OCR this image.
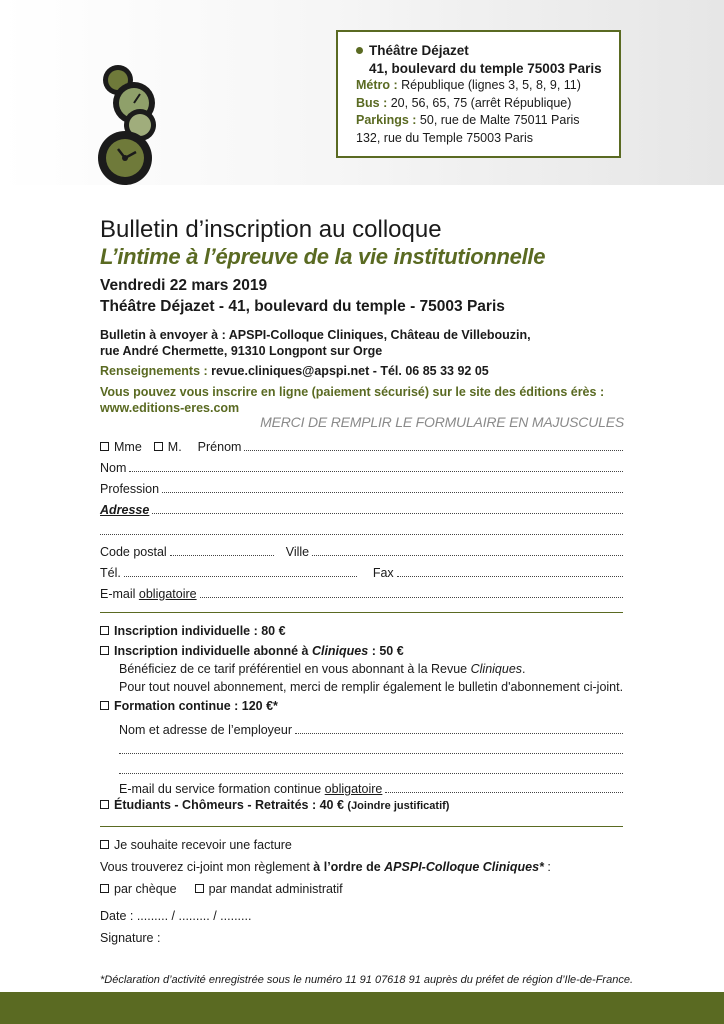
Théâtre Déjazet
41, boulevard du temple 75003 Paris
Métro : République (lignes 3, 5, 8, 9, 11)
Bus : 20, 56, 65, 75 (arrêt République)
Parkings : 50, rue de Malte 75011 Paris
132, rue du Temple 75003 Paris
Bulletin d’inscription au colloque
L’intime à l’épreuve de la vie institutionnelle
Vendredi 22 mars 2019
Théâtre Déjazet - 41, boulevard du temple - 75003 Paris
Bulletin à envoyer à : APSPI-Colloque Cliniques, Château de Villebouzin,
rue André Chermette, 91310 Longpont sur Orge
Renseignements : revue.cliniques@apspi.net - Tél. 06 85 33 92 05
Vous pouvez vous inscrire en ligne (paiement sécurisé) sur le site des éditions érès :
www.editions-eres.com
MERCI DE REMPLIR LE FORMULAIRE EN MAJUSCULES
Mme	M. Prénom
Nom
Profession
Adresse
Code postal	Ville
Tél.	Fax
E-mail obligatoire
Inscription individuelle : 80 €
Inscription individuelle abonné à Cliniques : 50 €
Bénéficiez de ce tarif préférentiel en vous abonnant à la Revue Cliniques.
Pour tout nouvel abonnement, merci de remplir également le bulletin d'abonnement ci-joint.
Formation continue : 120 €*
Nom et adresse de l’employeur
E-mail du service formation continue obligatoire
Étudiants - Chômeurs - Retraités : 40 € (Joindre justificatif)
Je souhaite recevoir une facture
Vous trouverez ci-joint mon règlement à l’ordre de APSPI-Colloque Cliniques* :
par chèque	par mandat administratif
Date : ......... / ......... / .........
Signature :
*Déclaration d’activité enregistrée sous le numéro 11 91 07618 91 auprès du préfet de région d’Ile-de-France.
